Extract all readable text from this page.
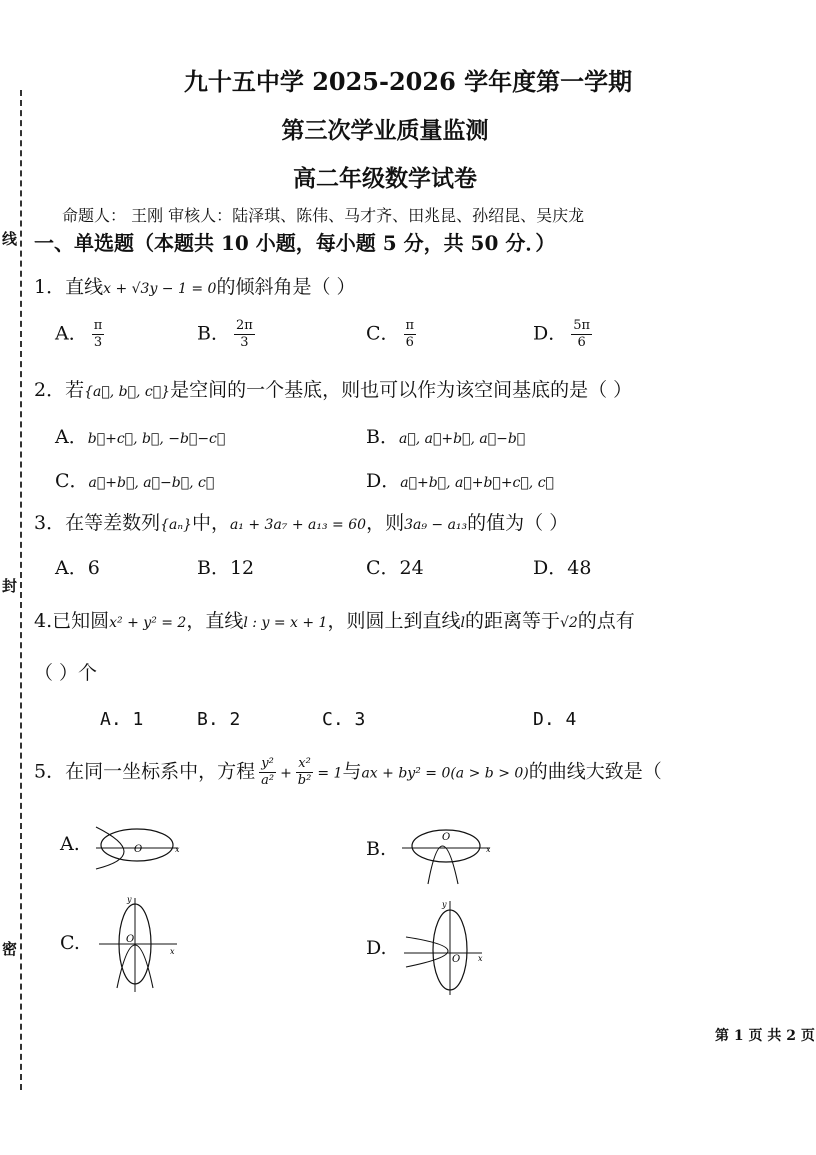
线
封
密
九十五中学 2025-2026 学年度第一学期
第三次学业质量监测
高二年级数学试卷
命题人： 王刚 审核人：陆泽琪、陈伟、马才齐、田兆昆、孙绍昆、吴庆龙
一、单选题（本题共 10 小题，每小题 5 分，共 50 分．）
1．直线x + √3y − 1 = 0的倾斜角是（ ）
A． $\frac{\pi}{3}$	B． $\frac{2\pi}{3}$	C． $\frac{\pi}{6}$	D． $\frac{5\pi}{6}$
2．若{a⃗, b⃗, c⃗}是空间的一个基底，则也可以作为该空间基底的是（ ）
A．b⃗+c⃗, b⃗, −b⃗−c⃗	B．a⃗, a⃗+b⃗, a⃗−b⃗
C．a⃗+b⃗, a⃗−b⃗, c⃗	D．a⃗+b⃗, a⃗+b⃗+c⃗, c⃗
3．在等差数列{aₙ}中，a₁ + 3a₇ + a₁₃ = 60，则3a₉ − a₁₃的值为（ ）
A．6	B．12	C．24	D．48
4.已知圆x² + y² = 2，直线l : y = x + 1，则圆上到直线l的距离等于√2的点有
（ ）个
A. 1	B. 2	C. 3	D. 4
5．在同一坐标系中，方程 $\frac{\text{y²}}{\text{a²}} + \frac{\text{x²}}{\text{b²}} = 1$与ax + by² = 0(a > b > 0)的曲线大致是（
A.	O	x	B.
O
x
C.	O
x
y
D.
O x
y
第 1 页 共 2 页
